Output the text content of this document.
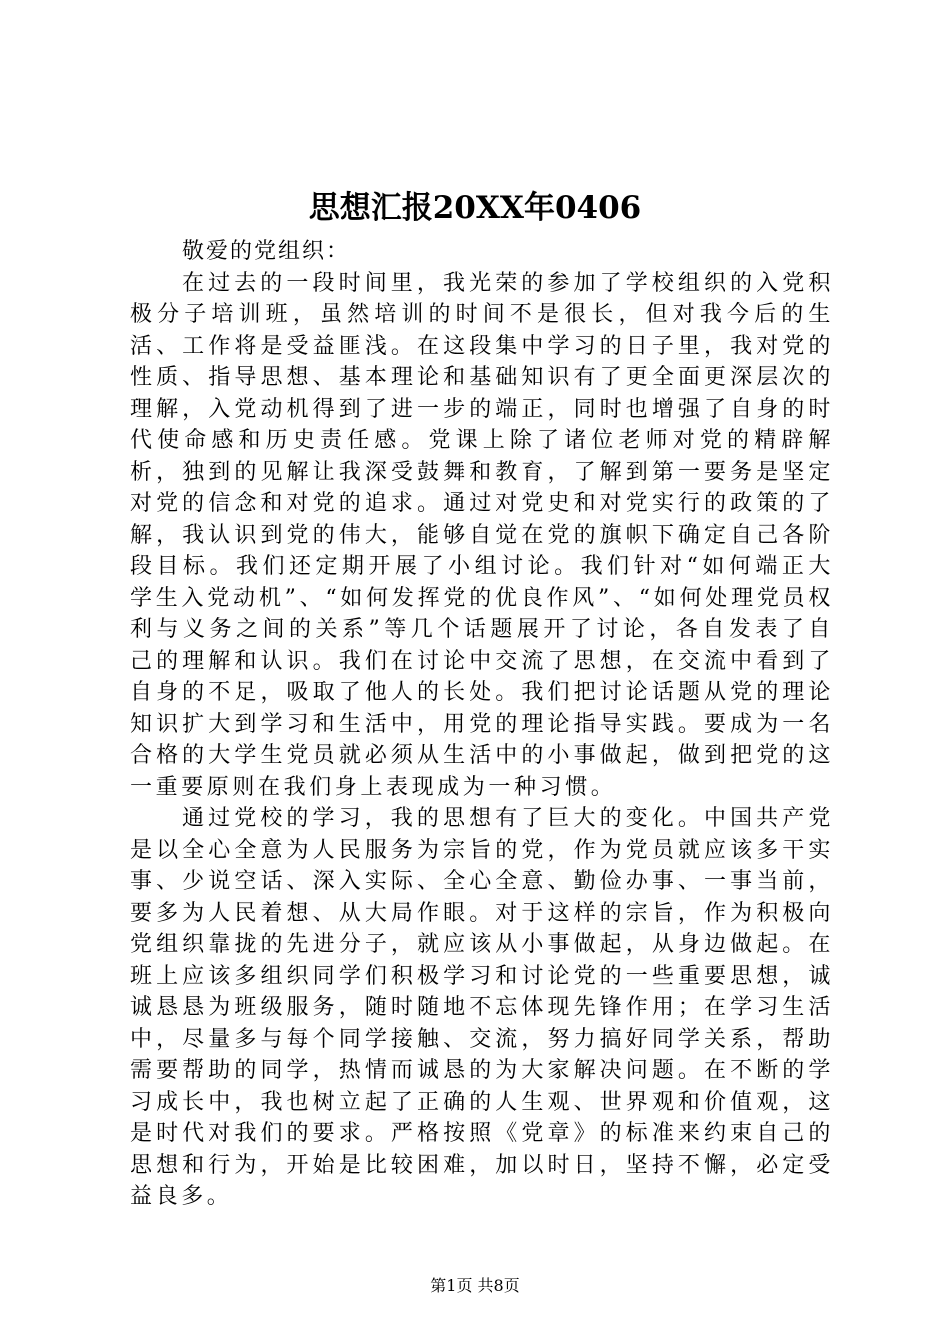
思想汇报20XX年0406

敬爱的党组织：

在过去的一段时间里，我光荣的参加了学校组织的入党积极分子培训班，虽然培训的时间不是很长，但对我今后的生活、工作将是受益匪浅。在这段集中学习的日子里，我对党的性质、指导思想、基本理论和基础知识有了更全面更深层次的理解，入党动机得到了进一步的端正，同时也增强了自身的时代使命感和历史责任感。党课上除了诸位老师对党的精辟解析，独到的见解让我深受鼓舞和教育，了解到第一要务是坚定对党的信念和对党的追求。通过对党史和对党实行的政策的了解，我认识到党的伟大，能够自觉在党的旗帜下确定自己各阶段目标。我们还定期开展了小组讨论。我们针对“如何端正大学生入党动机”、“如何发挥党的优良作风”、“如何处理党员权利与义务之间的关系”等几个话题展开了讨论，各自发表了自己的理解和认识。我们在讨论中交流了思想，在交流中看到了自身的不足，吸取了他人的长处。我们把讨论话题从党的理论知识扩大到学习和生活中，用党的理论指导实践。要成为一名合格的大学生党员就必须从生活中的小事做起，做到把党的这一重要原则在我们身上表现成为一种习惯。

通过党校的学习，我的思想有了巨大的变化。中国共产党是以全心全意为人民服务为宗旨的党，作为党员就应该多干实事、少说空话、深入实际、全心全意、勤俭办事、一事当前，要多为人民着想、从大局作眼。对于这样的宗旨，作为积极向党组织靠拢的先进分子，就应该从小事做起，从身边做起。在班上应该多组织同学们积极学习和讨论党的一些重要思想，诚诚恳恳为班级服务，随时随地不忘体现先锋作用；在学习生活中，尽量多与每个同学接触、交流，努力搞好同学关系，帮助需要帮助的同学，热情而诚恳的为大家解决问题。在不断的学习成长中，我也树立起了正确的人生观、世界观和价值观，这是时代对我们的要求。严格按照《党章》的标准来约束自己的思想和行为，开始是比较困难，加以时日，坚持不懈，必定受益良多。

第1页 共8页
